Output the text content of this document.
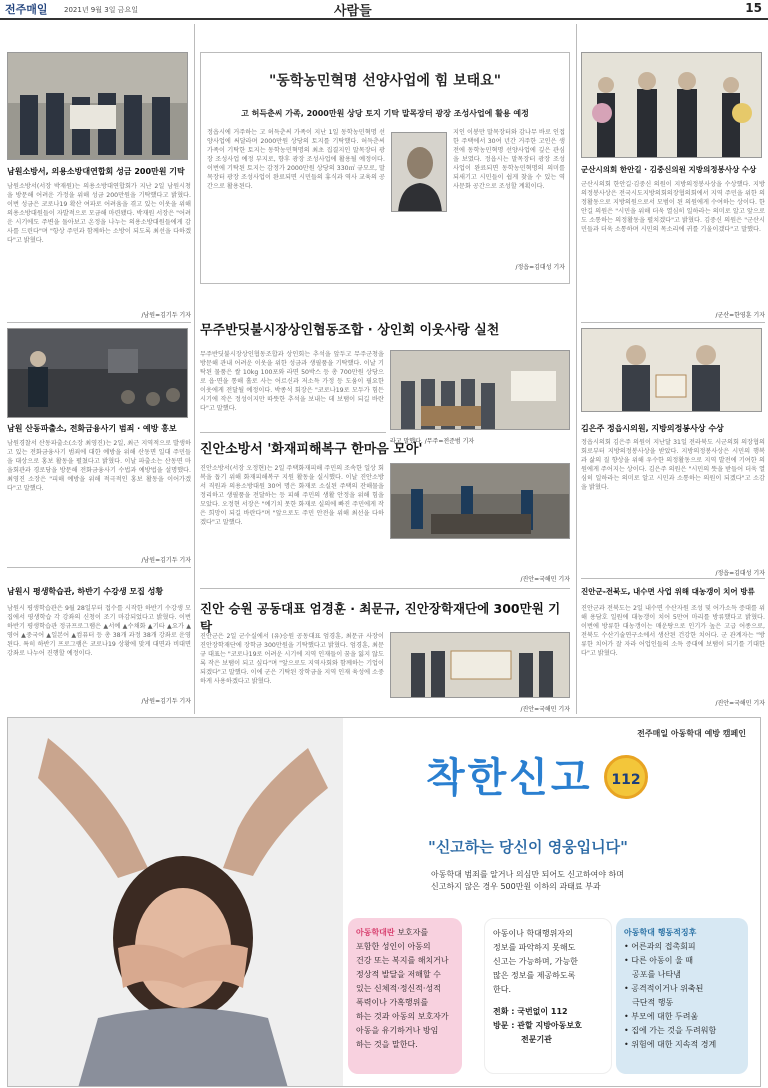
전주매일 2021년 9월 3일 금요일	사람들	15
남원소방서, 의용소방대연합회 성금 200만원 기탁
남원소방서(서장 박재원)는 의용소방대연합회가 지난 2일 남원시청을 방문해 어려운 가정을 위해 성금 200만원을 기탁했다고 밝혔다. 이번 성금은 코로나19 확산 여파로 어려움을 겪고 있는 이웃을 위해 의용소방대원들이 자발적으로 모금해 마련됐다. 박재원 서장은 "어려운 시기에도 주변을 돌아보고 온정을 나누는 의용소방대원들에게 감사를 드린다"며 "항상 주민과 함께하는 소방이 되도록 최선을 다하겠다"고 밝혔다.
/남원=김기두 기자
남원 산동파출소, 전화금융사기 범죄 · 예방 홍보
남원경찰서 산동파출소(소장 최영진)는 2일, 최근 지역적으로 발생하고 있는 전화금융사기 범죄에 대한 예방을 위해 산동면 일대 주민들을 대상으로 홍보 활동을 펼쳤다고 밝혔다. 이날 파출소는 산동면 마을회관과 경로당을 방문해 전화금융사기 수법과 예방법을 설명했다. 최영진 소장은 "피해 예방을 위해 적극적인 홍보 활동을 이어가겠다"고 말했다.
/남원=김기두 기자
남원시 평생학습관, 하반기 수강생 모집 성황
남원시 평생학습관은 9월 28일부터 접수를 시작한 하반기 수강생 모집에서 평생학습 각 강좌의 신청이 조기 마감되었다고 밝혔다. 이번 하반기 평생학습관 정규프로그램은 ▲서예 ▲수채화 ▲기타 ▲요가 ▲영어 ▲중국어 ▲일본어 ▲컴퓨터 등 총 38개 과정 38개 강좌로 운영된다. 특히 하반기 프로그램은 코로나19 상황에 맞게 대면과 비대면 강좌로 나누어 진행할 예정이다.
/남원=김기두 기자
"동학농민혁명 선양사업에 힘 보태요"
고 허득춘씨 가족, 2000만원 상당 토지 기탁 말목장터 광장 조성사업에 활용 예정
정읍시에 거주하는 고 허득춘씨 가족이 지난 1일 동학농민혁명 선양사업에 써달라며 2000만원 상당의 토지를 기탁했다. 허득춘씨 가족이 기탁한 토지는 동학농민혁명의 최초 집결지인 말목장터 광장 조성사업 예정 부지로, 향후 광장 조성사업에 활용될 예정이다. 이번에 기탁된 토지는 감정가 2000만원 상당의 330㎡ 규모로, 말목장터 광장 조성사업이 완료되면 시민들의 휴식과 역사 교육의 공간으로 활용된다.
지인 이봉만 말목장터와 감나무 바로 인접한 주택에서 30여 년간 거주한 고인은 생전에 동학농민혁명 선양사업에 깊은 관심을 보였다. 정읍시는 말목장터 광장 조성사업이 완료되면 동학농민혁명의 의미를 되새기고 시민들이 쉽게 찾을 수 있는 역사문화 공간으로 조성할 계획이다.
/정읍=김대성 기자
무주반딧불시장상인협동조합 · 상인회 이웃사랑 실천
무주반딧불시장상인협동조합과 상인회는 추석을 앞두고 무주군청을 방문해 관내 어려운 이웃을 위한 성금과 생필품을 기탁했다. 이날 기탁된 물품은 쌀 10kg 100포와 라면 50박스 등 총 700만원 상당으로 읍·면을 통해 홀로 사는 어르신과 저소득 가정 등 도움이 필요한 이웃에게 전달될 예정이다. 박종석 회장은 "코로나19로 모두가 힘든 시기에 작은 정성이지만 따뜻한 추석을 보내는 데 보탬이 되길 바란다"고 말했다.
라고 말했다. /무주=전준범 기자
진안소방서 '화재피해복구 한마음 모아'
진안소방서(서장 오정현)는 2일 주택화재피해 주민의 조속한 일상 회복을 돕기 위해 화재피해복구 지원 활동을 실시했다. 이날 진안소방서 직원과 의용소방대원 30여 명은 화재로 소실된 주택의 잔해물을 정리하고 생필품을 전달하는 등 피해 주민의 생활 안정을 위해 힘을 모았다. 오정현 서장은 "예기치 못한 화재로 실의에 빠진 주민에게 작은 희망이 되길 바란다"며 "앞으로도 주민 안전을 위해 최선을 다하겠다"고 말했다.
/진안=국해민 기자
진안 승원 공동대표 엄경훈 · 최문규, 진안장학재단에 300만원 기탁
진안군은 2일 군수실에서 (유)승원 공동대표 엄경훈, 최문규 사장이 진안장학재단에 장학금 300만원을 기탁했다고 밝혔다. 엄경훈, 최문규 대표는 "코로나19로 어려운 시기에 지역 인재들이 꿈을 잃지 않도록 작은 보탬이 되고 싶다"며 "앞으로도 지역사회와 함께하는 기업이 되겠다"고 말했다. 이에 군은 기탁된 장학금을 지역 인재 육성에 소중하게 사용하겠다고 밝혔다.
/진안=국해민 기자
군산시의회 한안길 · 김중신의원 지방의정봉사상 수상
군산시의회 한안길·김중신 의원이 지방의정봉사상을 수상했다. 지방의정봉사상은 전국시도지방의회의장협의회에서 지역 주민을 위한 의정활동으로 지방의원으로서 모범이 된 의원에게 수여하는 상이다. 한안길 의원은 "시민을 위해 더욱 열심히 일하라는 의미로 알고 앞으로도 소통하는 의정활동을 펼치겠다"고 밝혔다. 김중신 의원은 "군산시민들과 더욱 소통하며 시민의 목소리에 귀를 기울이겠다"고 말했다.
/군산=한영훈 기자
김은주 정읍시의원, 지방의정봉사상 수상
정읍시의회 김은주 의원이 지난달 31일 전라북도 시군의회 의장협의회로부터 지방의정봉사상을 받았다. 지방의정봉사상은 시민의 행복과 삶의 질 향상을 위해 우수한 의정활동으로 지역 발전에 기여한 의원에게 주어지는 상이다. 김은주 의원은 "시민의 뜻을 받들어 더욱 열심히 일하라는 의미로 알고 시민과 소통하는 의원이 되겠다"고 소감을 밝혔다.
/정읍=김대성 기자
진안군-전북도, 내수면 사업 위해 대농갱이 치어 방류
진안군과 전북도는 2일 내수면 수산자원 조성 및 어가소득 증대를 위해 용담호 일원에 대농갱이 치어 5만여 마리를 방류했다고 밝혔다. 이번에 방류한 대농갱이는 매운탕으로 인기가 높은 고급 어종으로, 전북도 수산기술연구소에서 생산된 건강한 치어다. 군 관계자는 "방류한 치어가 잘 자라 어업인들의 소득 증대에 보탬이 되기를 기대한다"고 밝혔다.
/진안=국해민 기자
전주매일 아동학대 예방 캠페인
착한신고	112
"신고하는 당신이 영웅입니다"
아동학대 범죄를 알거나 의심만 되어도 신고하여야 하며
신고하지 않은 경우 500만원 이하의 과태료 부과
아동학대란 보호자를
포함한 성인이 아동의
건강 또는 복지를 해치거나
정상적 발달을 저해할 수
있는 신체적·정신적·성적
폭력이나 가혹행위를
하는 것과 아동의 보호자가
아동을 유기하거나 방임
하는 것을 말한다.
아동이나 학대행위자의
정보를 파악하지 못해도
신고는 가능하며, 가능한
많은 정보를 제공하도록
한다.
전화 : 국번없이 112
방문 : 관할 지방아동보호
전문기관
아동학대 행동적징후
• 어른과의 접촉회피
• 다른 아동이 울 때
공포를 나타냄
• 공격적이거나 위축된
극단적 행동
• 부모에 대한 두려움
• 집에 가는 것을 두려워함
• 위험에 대한 지속적 경계
